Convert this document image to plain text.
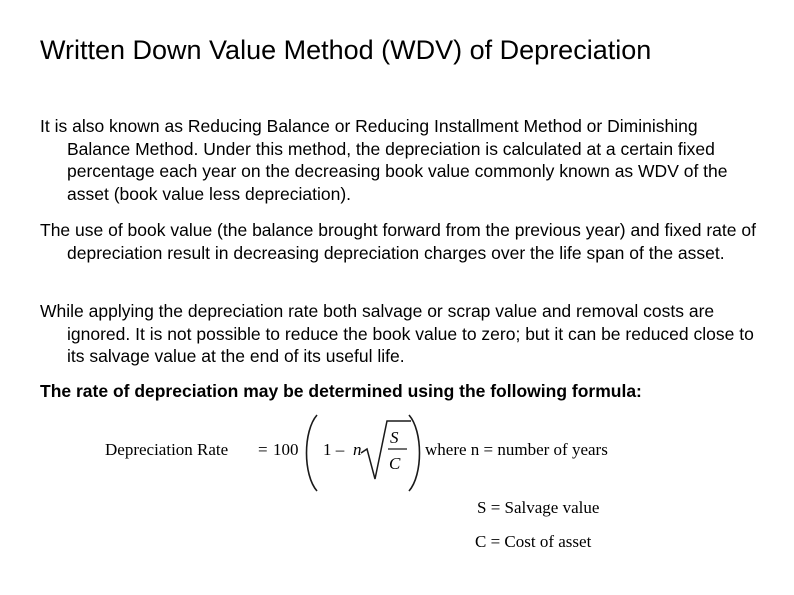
Written Down Value Method (WDV) of Depreciation

It is also known as Reducing Balance or Reducing Installment Method or Diminishing Balance Method. Under this method, the depreciation is calculated at a certain fixed percentage each year on the decreasing book value commonly known as WDV of the asset (book value less depreciation).

The use of book value (the balance brought forward from the previous year) and fixed rate of depreciation result in decreasing depreciation charges over the life span of the asset.

While applying the depreciation rate both salvage or scrap value and removal costs are ignored. It is not possible to reduce the book value to zero; but it can be reduced close to its salvage value at the end of its useful life.

The rate of depreciation may be determined using the following formula:

Depreciation Rate = 100 1 – n
S
C
where n = number of years
S = Salvage value
C = Cost of asset
